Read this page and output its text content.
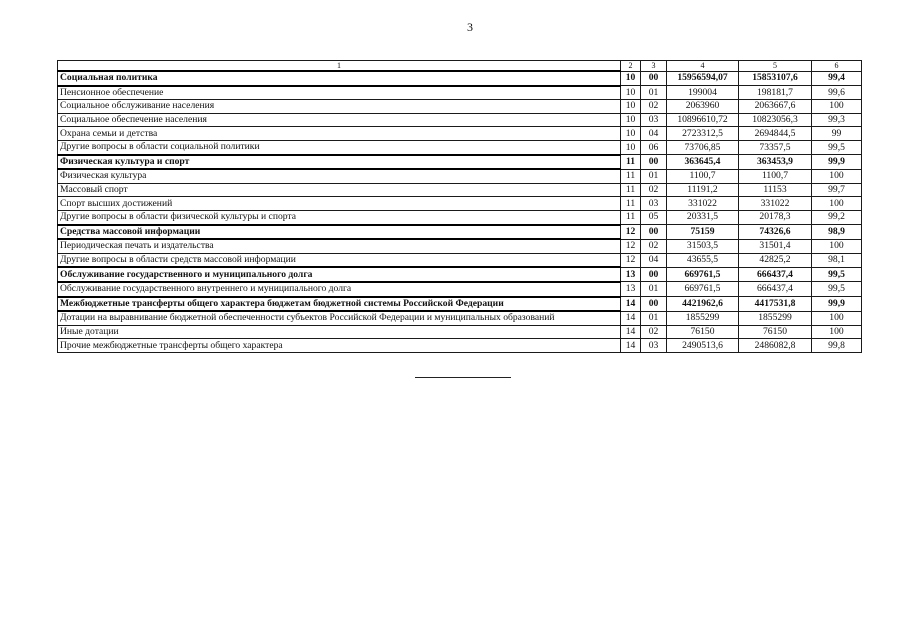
3
1	2	3	4	5	6
Социальная политика	10	00	15956594,07	15853107,6	99,4
Пенсионное обеспечение	10	01	199004	198181,7	99,6
Социальное обслуживание населения	10	02	2063960	2063667,6	100
Социальное обеспечение населения	10	03	10896610,72	10823056,3	99,3
Охрана семьи и детства	10	04	2723312,5	2694844,5	99
Другие вопросы в области социальной политики	10	06	73706,85	73357,5	99,5
Физическая культура и спорт	11	00	363645,4	363453,9	99,9
Физическая культура	11	01	1100,7	1100,7	100
Массовый спорт	11	02	11191,2	11153	99,7
Спорт высших достижений	11	03	331022	331022	100
Другие вопросы в области физической культуры и спорта	11	05	20331,5	20178,3	99,2
Средства массовой информации	12	00	75159	74326,6	98,9
Периодическая печать и издательства	12	02	31503,5	31501,4	100
Другие вопросы в области средств массовой информации	12	04	43655,5	42825,2	98,1
Обслуживание государственного и муниципального долга	13	00	669761,5	666437,4	99,5
Обслуживание государственного внутреннего и муниципального долга	13	01	669761,5	666437,4	99,5
Межбюджетные трансферты общего характера бюджетам бюджетной системы Российской Федерации	14	00	4421962,6	4417531,8	99,9
Дотации на выравнивание бюджетной обеспеченности субъектов Российской Федерации и муниципальных образований	14	01	1855299	1855299	100
Иные дотации	14	02	76150	76150	100
Прочие межбюджетные трансферты общего характера	14	03	2490513,6	2486082,8	99,8
